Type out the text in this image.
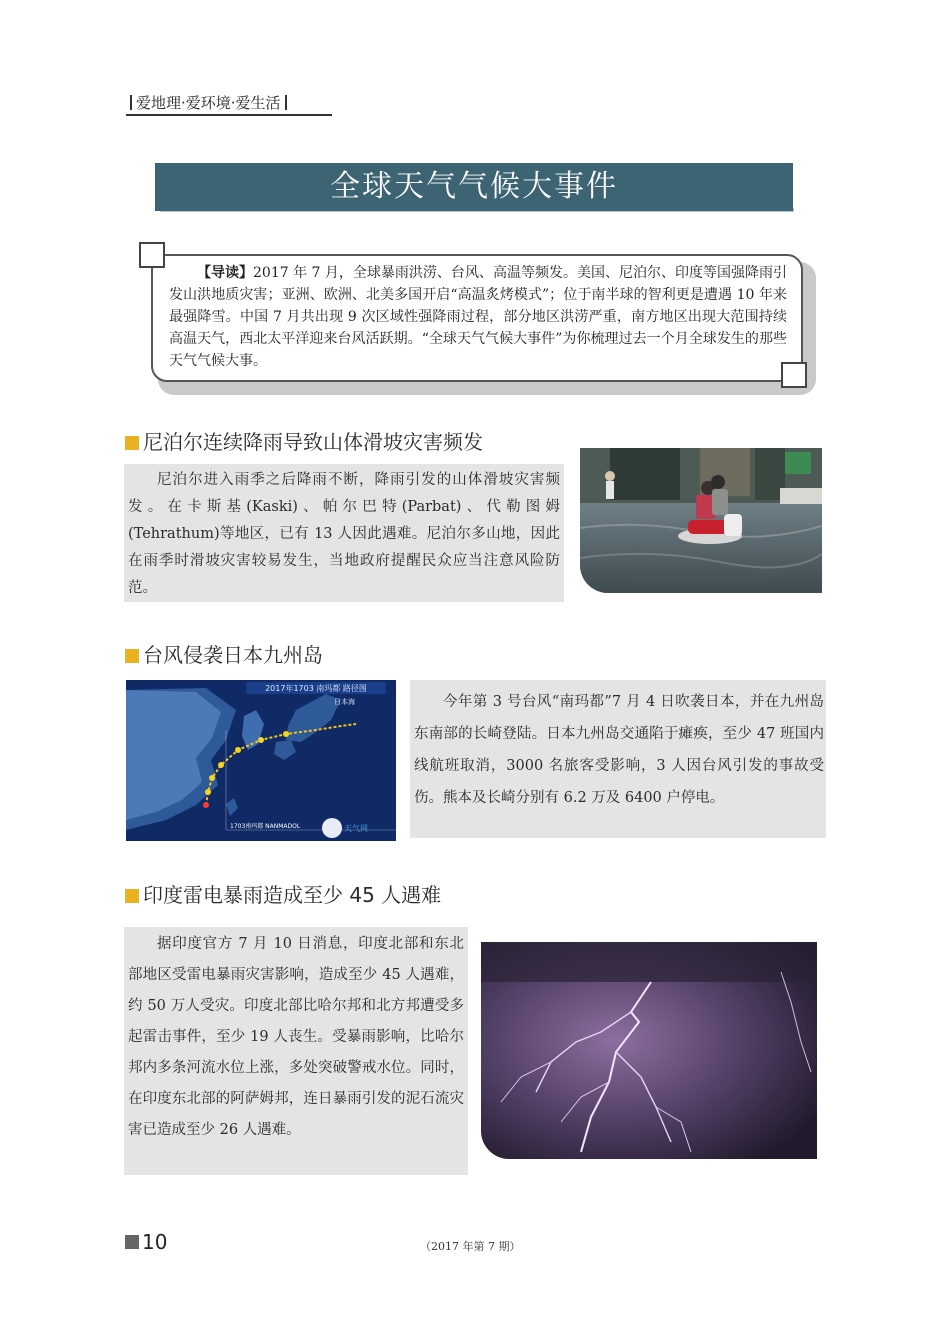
爱地理·爱环境·爱生活
全球天气气候大事件
【导读】2017 年 7 月，全球暴雨洪涝、台风、高温等频发。美国、尼泊尔、印度等国强降雨引发山洪地质灾害；亚洲、欧洲、北美多国开启“高温炙烤模式”；位于南半球的智利更是遭遇 10 年来最强降雪。中国 7 月共出现 9 次区域性强降雨过程，部分地区洪涝严重，南方地区出现大范围持续高温天气，西北太平洋迎来台风活跃期。“全球天气气候大事件”为你梳理过去一个月全球发生的那些天气气候大事。
尼泊尔连续降雨导致山体滑坡灾害频发
尼泊尔进入雨季之后降雨不断，降雨引发的山体滑坡灾害频发。在卡斯基(Kaski)、帕尔巴特(Parbat)、代勒图姆(Tehrathum)等地区，已有 13 人因此遇难。尼泊尔多山地，因此在雨季时滑坡灾害较易发生，当地政府提醒民众应当注意风险防范。
台风侵袭日本九州岛
2017年1703 南玛都 路径图
日本海
1703南玛都 NANMADOL	天气网
今年第 3 号台风“南玛都”7 月 4 日吹袭日本，并在九州岛东南部的长崎登陆。日本九州岛交通陷于瘫痪，至少 47 班国内线航班取消，3000 名旅客受影响，3 人因台风引发的事故受伤。熊本及长崎分别有 6.2 万及 6400 户停电。
印度雷电暴雨造成至少 45 人遇难
据印度官方 7 月 10 日消息，印度北部和东北部地区受雷电暴雨灾害影响，造成至少 45 人遇难，约 50 万人受灾。印度北部比哈尔邦和北方邦遭受多起雷击事件，至少 19 人丧生。受暴雨影响，比哈尔邦内多条河流水位上涨，多处突破警戒水位。同时，在印度东北部的阿萨姆邦，连日暴雨引发的泥石流灾害已造成至少 26 人遇难。
10	（2017 年第 7 期）
